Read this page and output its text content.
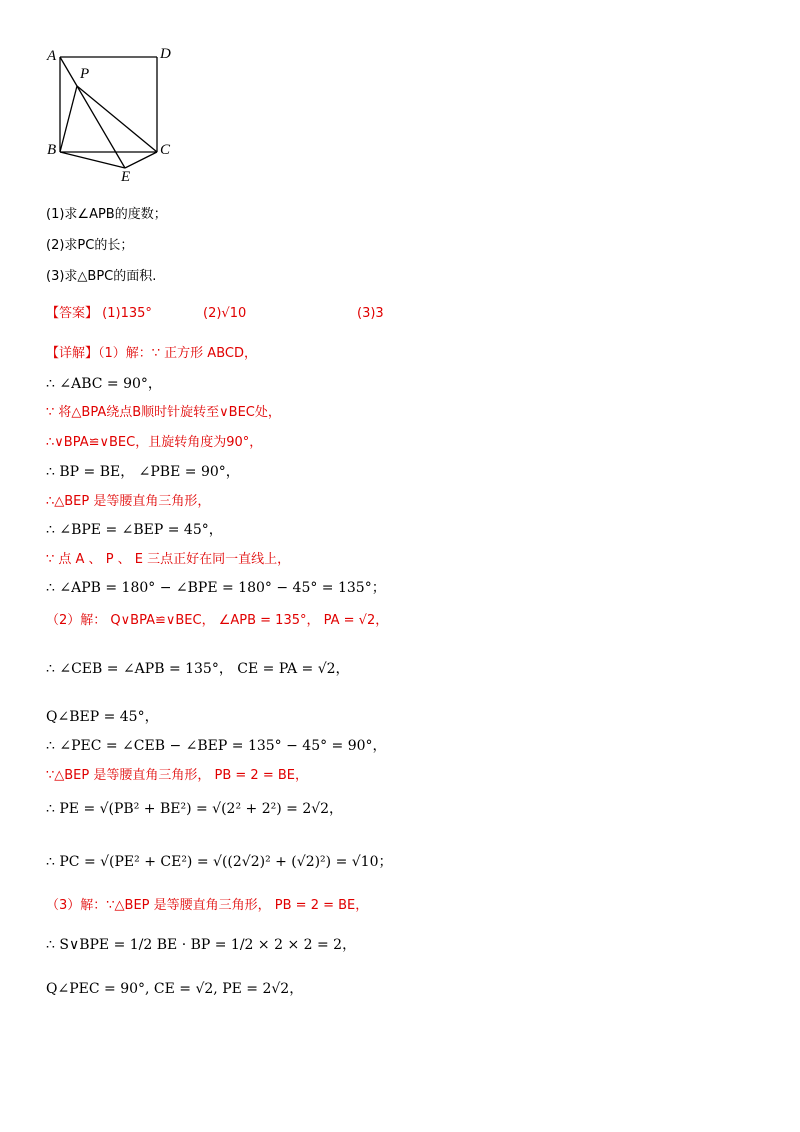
A	D
P
B	C
E
(1)求∠APB的度数；
(2)求PC的长；
(3)求△BPC的面积.
【答案】 (1)135°	(2)√10	(3)3
【详解】（1）解：∵ 正方形 ABCD，
∴ ∠ABC = 90°，
∵ 将△BPA绕点B顺时针旋转至∨BEC处，
∴∨BPA≌∨BEC，且旋转角度为90°，
∴ BP = BE， ∠PBE = 90°，
∴△BEP 是等腰直角三角形，
∴ ∠BPE = ∠BEP = 45°，
∵ 点 A 、 P 、 E 三点正好在同一直线上，
∴ ∠APB = 180° − ∠BPE = 180° − 45° = 135°；
（2）解： Q∨BPA≌∨BEC， ∠APB = 135°， PA = √2，
∴ ∠CEB = ∠APB = 135°， CE = PA = √2，
Q∠BEP = 45°，
∴ ∠PEC = ∠CEB − ∠BEP = 135° − 45° = 90°，
∵△BEP 是等腰直角三角形， PB = 2 = BE，
∴ PE = √(PB² + BE²) = √(2² + 2²) = 2√2，
∴ PC = √(PE² + CE²) = √((2√2)² + (√2)²) = √10；
（3）解：∵△BEP 是等腰直角三角形， PB = 2 = BE，
∴ S∨BPE = 1/2 BE · BP = 1/2 × 2 × 2 = 2，
Q∠PEC = 90°, CE = √2, PE = 2√2，
